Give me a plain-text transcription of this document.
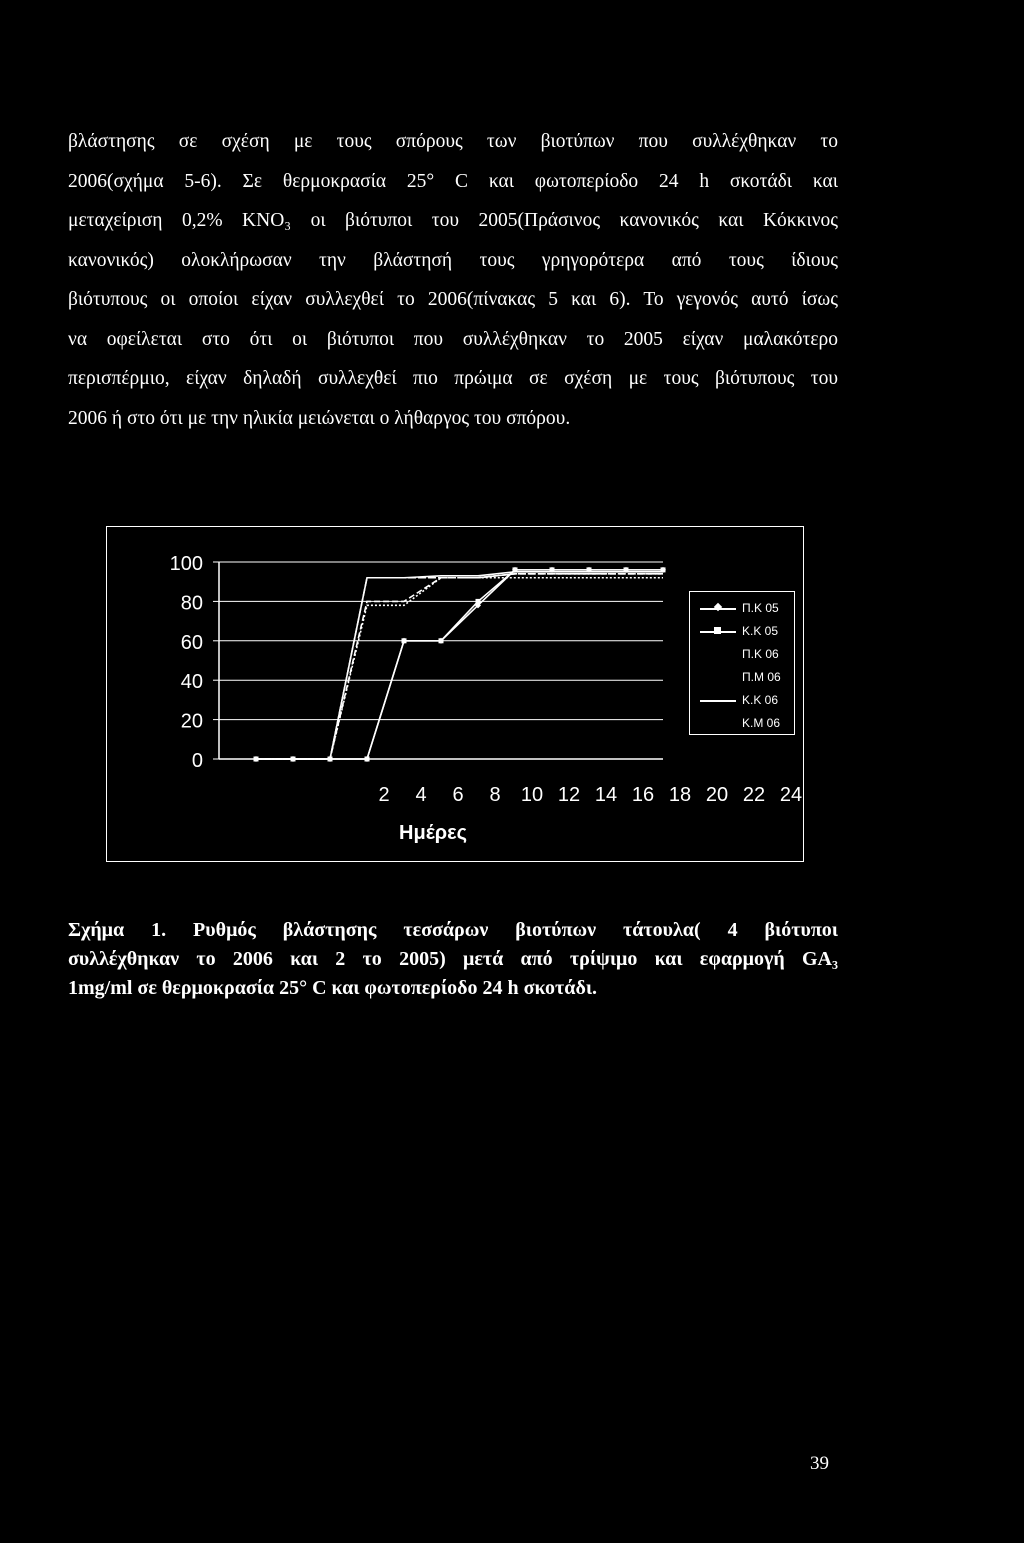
βλάστησης σε σχέση με τους σπόρους των βιοτύπων που συλλέχθηκαν το
2006(σχήμα 5-6). Σε θερμοκρασία 25° C και φωτοπερίοδο 24 h σκοτάδι και
μεταχείριση 0,2% KNO₃ οι βιότυποι του 2005(Πράσινος κανονικός και Κόκκινος
κανονικός) ολοκλήρωσαν την βλάστησή τους γρηγορότερα από τους ίδιους
βιότυπους οι οποίοι είχαν συλλεχθεί το 2006(πίνακας 5 και 6). Το γεγονός αυτό ίσως
να οφείλεται στο ότι οι βιότυποι που συλλέχθηκαν το 2005 είχαν μαλακότερο
περισπέρμιο, είχαν δηλαδή συλλεχθεί πιο πρώιμα σε σχέση με τους βιότυπους του
2006 ή στο ότι με την ηλικία μειώνεται ο λήθαργος του σπόρου.
100
80
60
40
20
0
2 4 6 8 10 12 14 16 18 20 22 24
Ημέρες
Π.Κ 05
Κ.Κ 05
Π.Κ 06
Π.Μ 06
Κ.Κ 06
Κ.Μ 06
Σχήμα 1. Ρυθμός βλάστησης τεσσάρων βιοτύπων τάτουλα( 4 βιότυποι
συλλέχθηκαν το 2006 και 2 το 2005) μετά από τρίψιμο και εφαρμογή GA₃
1mg/ml σε θερμοκρασία 25° C και φωτοπερίοδο 24 h σκοτάδι.
39
